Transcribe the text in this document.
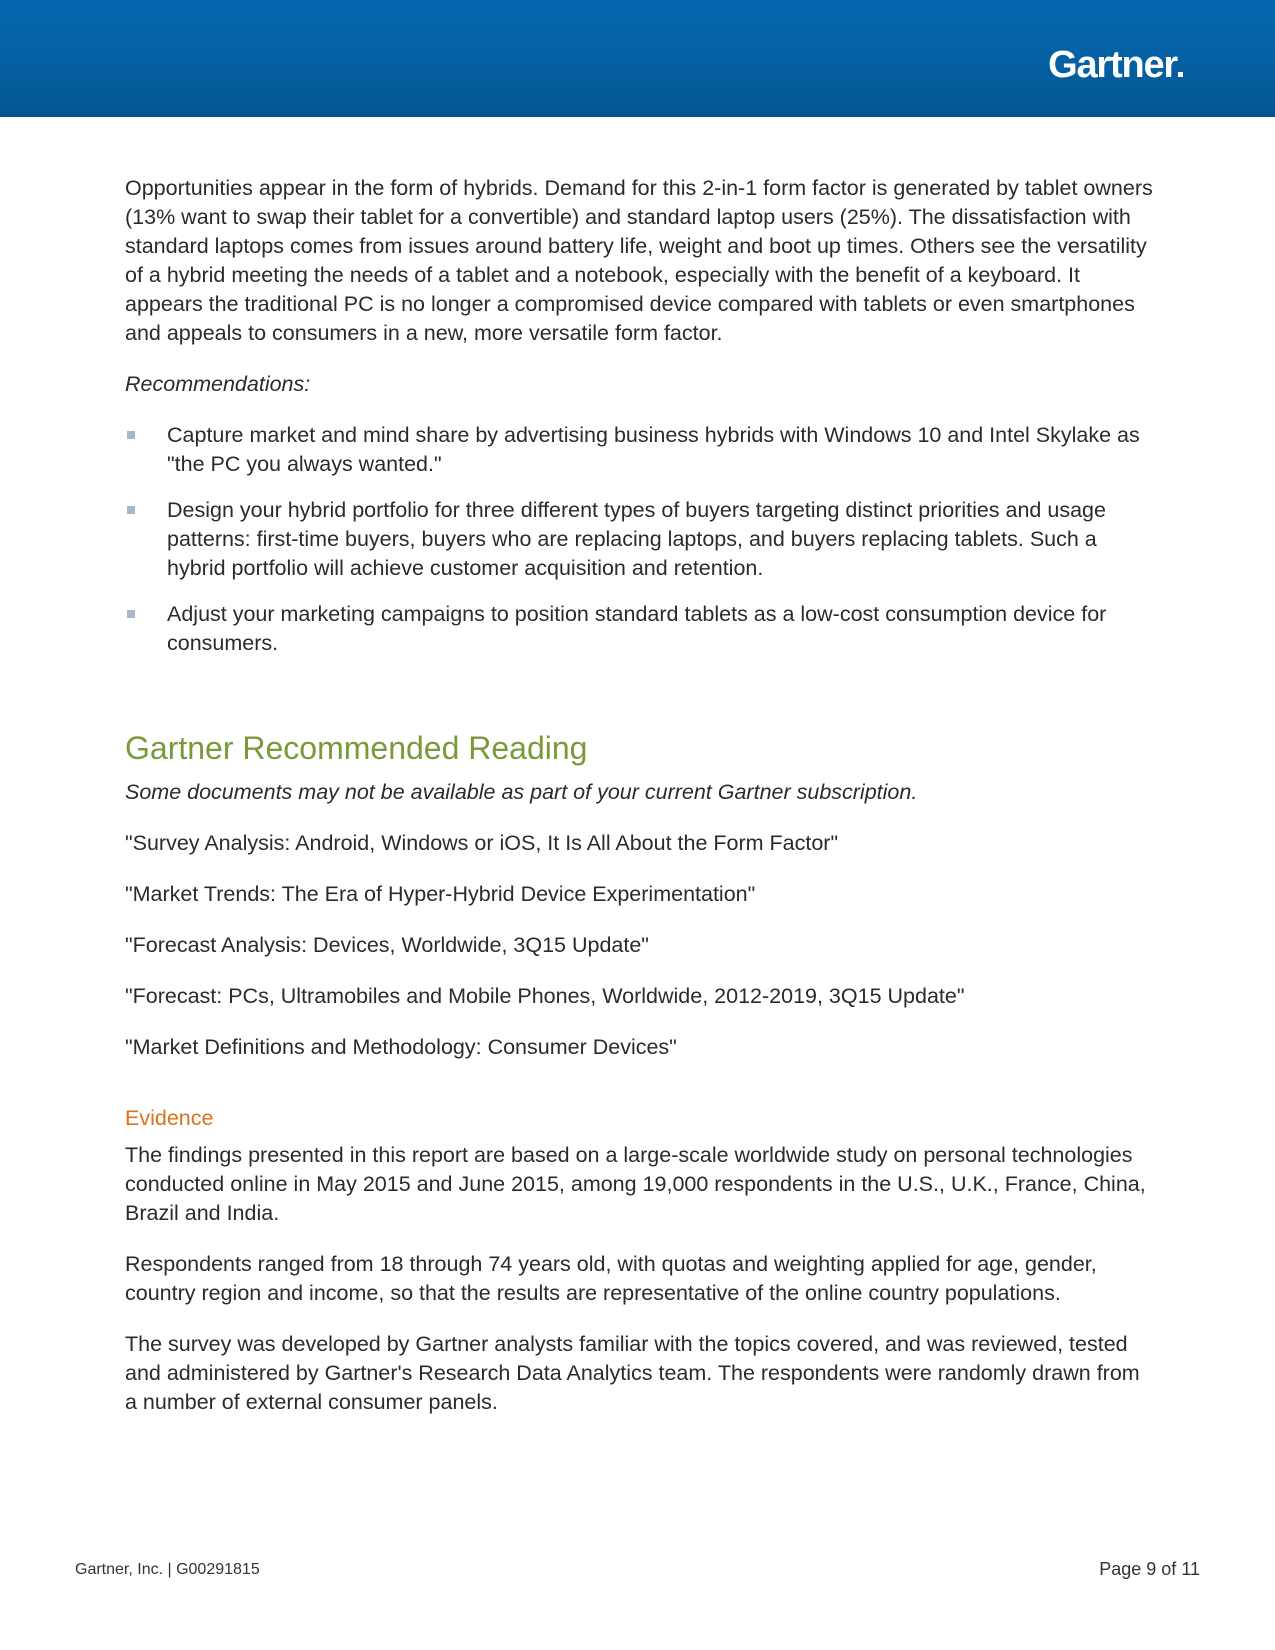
Gartner

Opportunities appear in the form of hybrids. Demand for this 2-in-1 form factor is generated by tablet owners (13% want to swap their tablet for a convertible) and standard laptop users (25%). The dissatisfaction with standard laptops comes from issues around battery life, weight and boot up times. Others see the versatility of a hybrid meeting the needs of a tablet and a notebook, especially with the benefit of a keyboard. It appears the traditional PC is no longer a compromised device compared with tablets or even smartphones and appeals to consumers in a new, more versatile form factor.

Recommendations:

Capture market and mind share by advertising business hybrids with Windows 10 and Intel Skylake as "the PC you always wanted."
Design your hybrid portfolio for three different types of buyers targeting distinct priorities and usage patterns: first-time buyers, buyers who are replacing laptops, and buyers replacing tablets. Such a hybrid portfolio will achieve customer acquisition and retention.
Adjust your marketing campaigns to position standard tablets as a low-cost consumption device for consumers.
Gartner Recommended Reading

Some documents may not be available as part of your current Gartner subscription.

"Survey Analysis: Android, Windows or iOS, It Is All About the Form Factor"

"Market Trends: The Era of Hyper-Hybrid Device Experimentation"

"Forecast Analysis: Devices, Worldwide, 3Q15 Update"

"Forecast: PCs, Ultramobiles and Mobile Phones, Worldwide, 2012-2019, 3Q15 Update"

"Market Definitions and Methodology: Consumer Devices"

Evidence

The findings presented in this report are based on a large-scale worldwide study on personal technologies conducted online in May 2015 and June 2015, among 19,000 respondents in the U.S., U.K., France, China, Brazil and India.

Respondents ranged from 18 through 74 years old, with quotas and weighting applied for age, gender, country region and income, so that the results are representative of the online country populations.

The survey was developed by Gartner analysts familiar with the topics covered, and was reviewed, tested and administered by Gartner's Research Data Analytics team. The respondents were randomly drawn from a number of external consumer panels.

Gartner, Inc. | G00291815	Page 9 of 11
